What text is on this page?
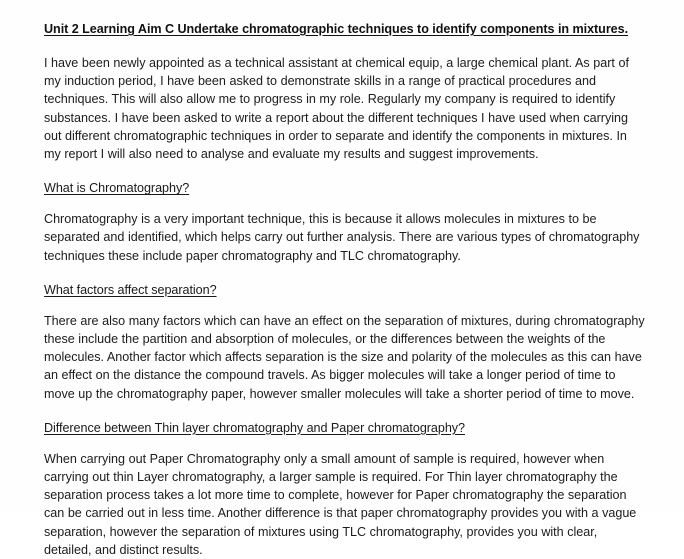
Unit 2 Learning Aim C Undertake chromatographic techniques to identify components in mixtures.

I have been newly appointed as a technical assistant at chemical equip, a large chemical plant. As part of my induction period, I have been asked to demonstrate skills in a range of practical procedures and techniques. This will also allow me to progress in my role. Regularly my company is required to identify substances. I have been asked to write a report about the different techniques I have used when carrying out different chromatographic techniques in order to separate and identify the components in mixtures. In my report I will also need to analyse and evaluate my results and suggest improvements.

What is Chromatography?

Chromatography is a very important technique, this is because it allows molecules in mixtures to be separated and identified, which helps carry out further analysis. There are various types of chromatography techniques these include paper chromatography and TLC chromatography.

What factors affect separation?

There are also many factors which can have an effect on the separation of mixtures, during chromatography these include the partition and absorption of molecules, or the differences between the weights of the molecules. Another factor which affects separation is the size and polarity of the molecules as this can have an effect on the distance the compound travels. As bigger molecules will take a longer period of time to move up the chromatography paper, however smaller molecules will take a shorter period of time to move.

Difference between Thin layer chromatography and Paper chromatography?

When carrying out Paper Chromatography only a small amount of sample is required, however when carrying out thin Layer chromatography, a larger sample is required. For Thin layer chromatography the separation process takes a lot more time to complete, however for Paper chromatography the separation can be carried out in less time. Another difference is that paper chromatography provides you with a vague separation, however the separation of mixtures using TLC chromatography, provides you with clear, detailed, and distinct results.
